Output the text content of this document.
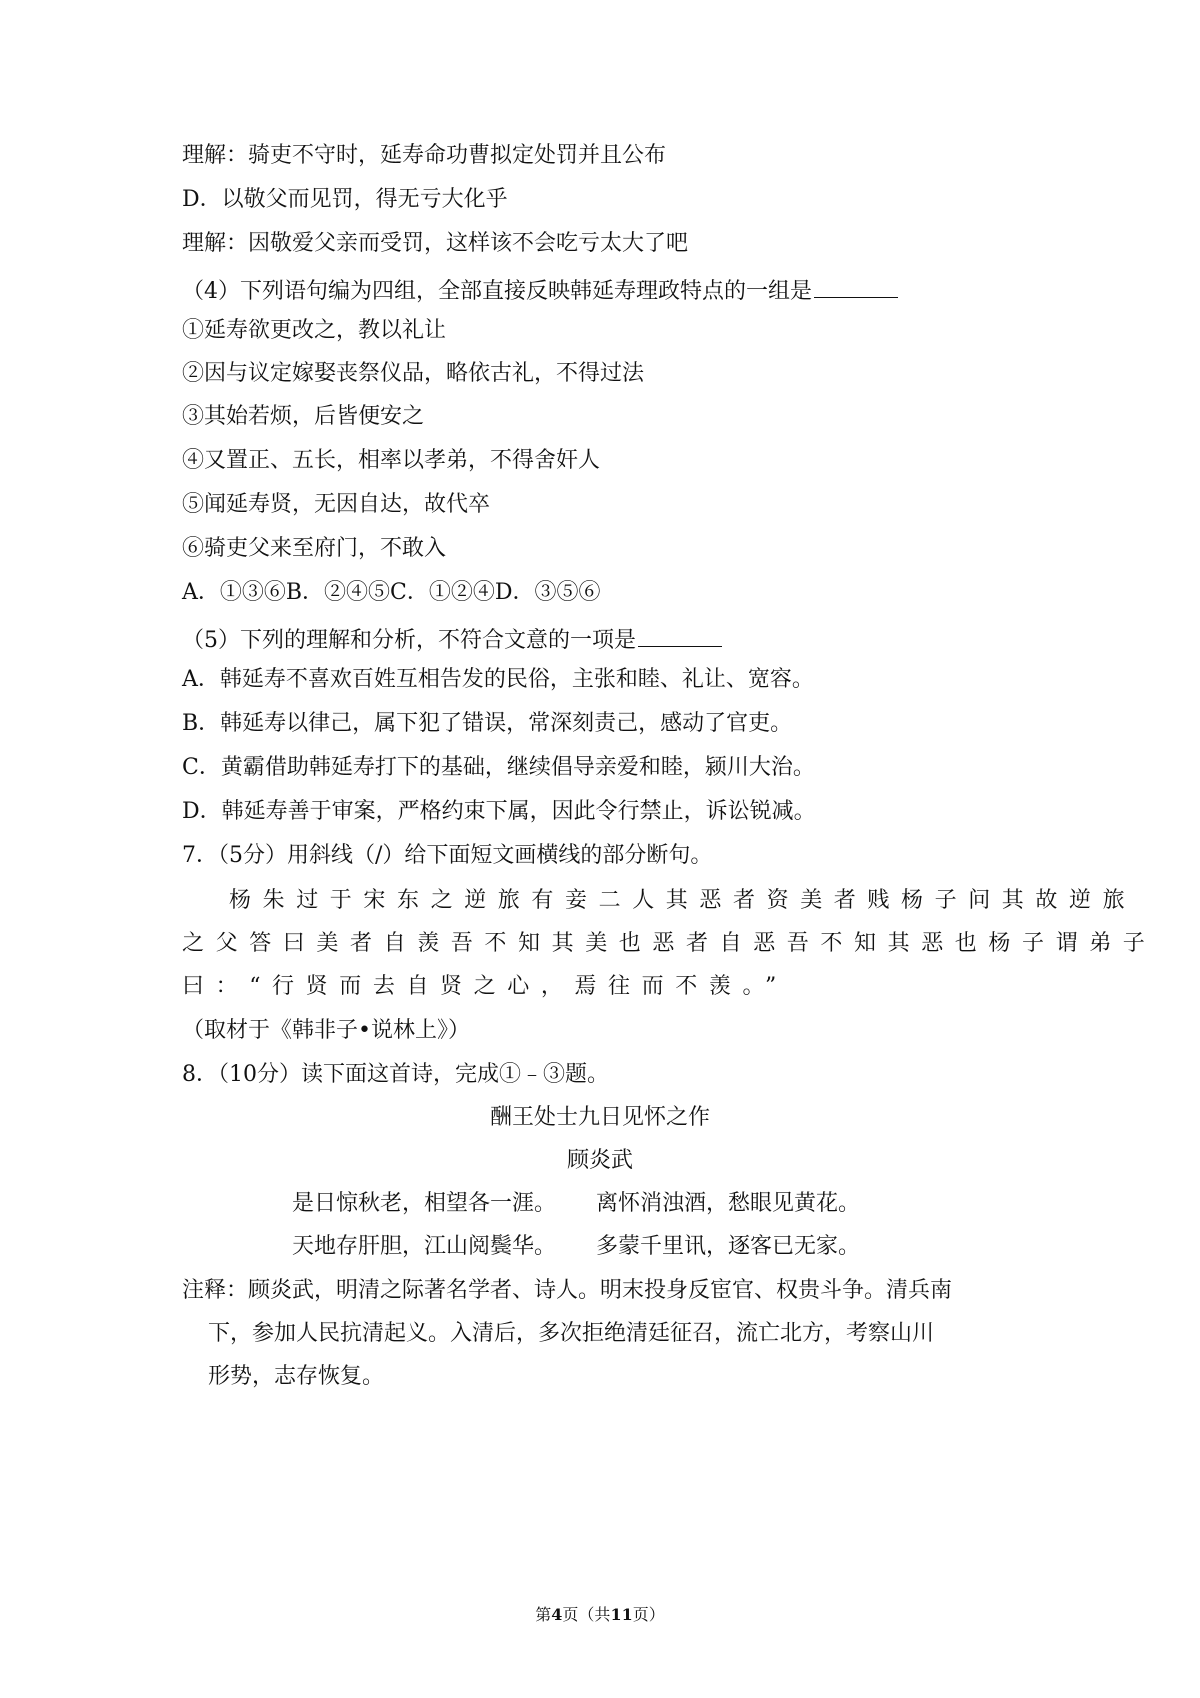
理解：骑吏不守时，延寿命功曹拟定处罚并且公布
D．以敬父而见罚，得无亏大化乎
理解：因敬爱父亲而受罚，这样该不会吃亏太大了吧
（4）下列语句编为四组，全部直接反映韩延寿理政特点的一组是
①延寿欲更改之，教以礼让
②因与议定嫁娶丧祭仪品，略依古礼，不得过法
③其始若烦，后皆便安之
④又置正、五长，相率以孝弟，不得舍奸人
⑤闻延寿贤，无因自达，故代卒
⑥骑吏父来至府门，不敢入
A．①③⑥B．②④⑤C．①②④D．③⑤⑥
（5）下列的理解和分析，不符合文意的一项是
A．韩延寿不喜欢百姓互相告发的民俗，主张和睦、礼让、宽容。
B．韩延寿以律己，属下犯了错误，常深刻责己，感动了官吏。
C．黄霸借助韩延寿打下的基础，继续倡导亲爱和睦，颍川大治。
D．韩延寿善于审案，严格约束下属，因此令行禁止，诉讼锐减。
7．（5分）用斜线（/）给下面短文画横线的部分断句。
杨朱过于宋东之逆旅有妾二人其恶者资美者贱杨子问其故逆旅
之父答曰美者自羡吾不知其美也恶者自恶吾不知其恶也杨子谓弟子
曰：“行贤而去自贤之心，焉往而不羡。”
（取材于《韩非子•说林上》）
8．（10分）读下面这首诗，完成①﹣③题。
酬王处士九日见怀之作
顾炎武
是日惊秋老，相望各一涯。 离怀消浊酒，愁眼见黄花。
天地存肝胆，江山阅鬓华。 多蒙千里讯，逐客已无家。
注释：顾炎武，明清之际著名学者、诗人。明末投身反宦官、权贵斗争。清兵南
下，参加人民抗清起义。入清后，多次拒绝清廷征召，流亡北方，考察山川
形势，志存恢复。
第4页（共11页）
